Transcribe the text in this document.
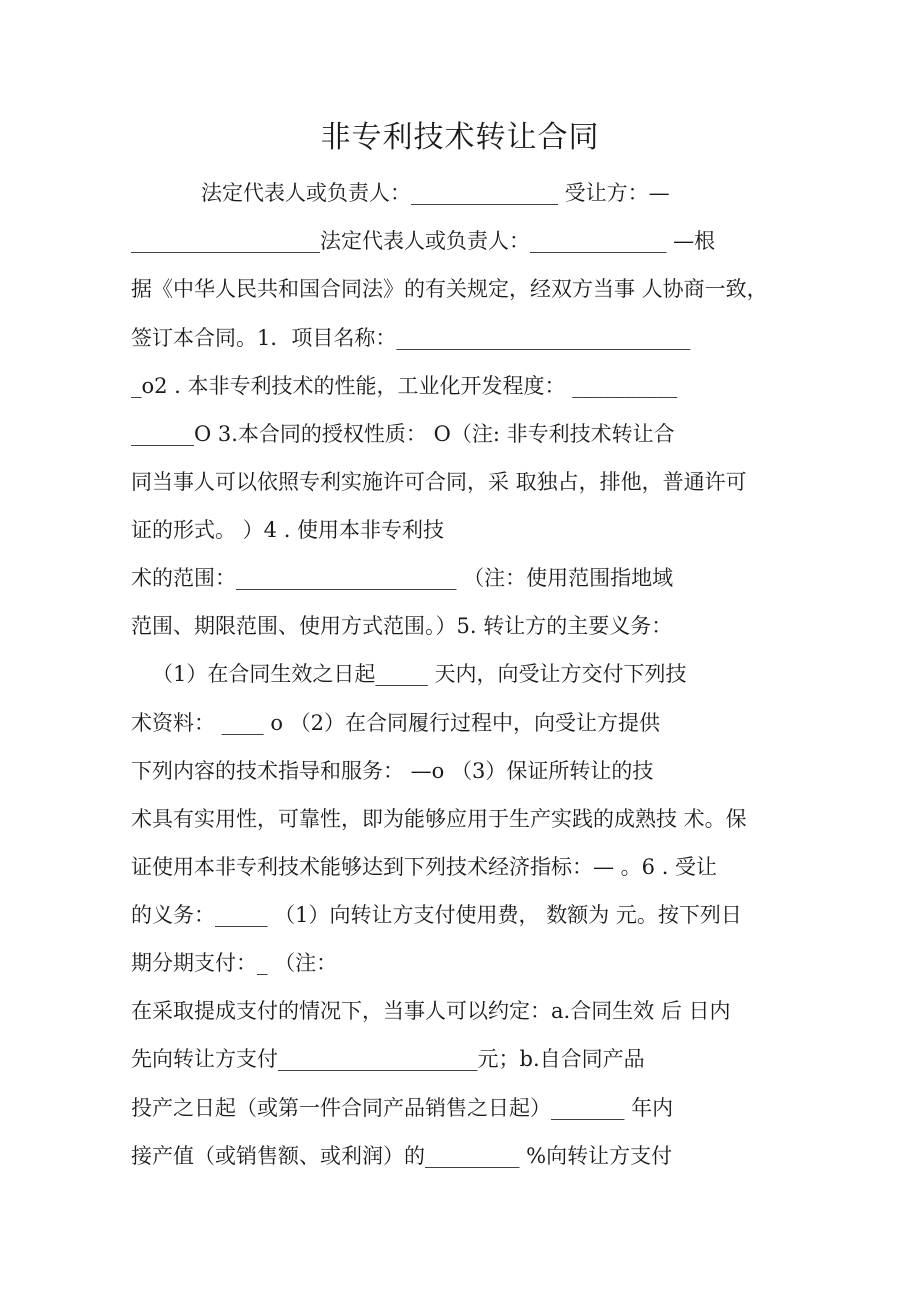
非专利技术转让合同

法定代表人或负责人：______________ 受让方：—

__________________法定代表人或负责人：_____________ —根

据《中华人民共和国合同法》的有关规定，经双方当事 人协商一致，

签订本合同。1．项目名称：____________________________

_o2 . 本非专利技术的性能，工业化开发程度： __________

______O 3.本合同的授权性质： O（注: 非专利技术转让合

同当事人可以依照专利实施许可合同，采 取独占，排他，普通许可

证的形式。 ）4 . 使用本非专利技

术的范围：_____________________ （注：使用范围指地域

范围、期限范围、使用方式范围。）5. 转让方的主要义务：

（1）在合同生效之日起_____ 天内，向受让方交付下列技

术资料： ____ o （2）在合同履行过程中，向受让方提供

下列内容的技术指导和服务： —o （3）保证所转让的技

术具有实用性，可靠性，即为能够应用于生产实践的成熟技 术。保

证使用本非专利技术能够达到下列技术经济指标：— 。6 . 受让

的义务：_____ （1）向转让方支付使用费， 数额为 元。按下列日

期分期支付：_ （注：

在采取提成支付的情况下，当事人可以约定：a.合同生效 后 日内

先向转让方支付___________________元；b.自合同产品

投产之日起（或第一件合同产品销售之日起）_______ 年内

接产值（或销售额、或利润）的_________ %向转让方支付
